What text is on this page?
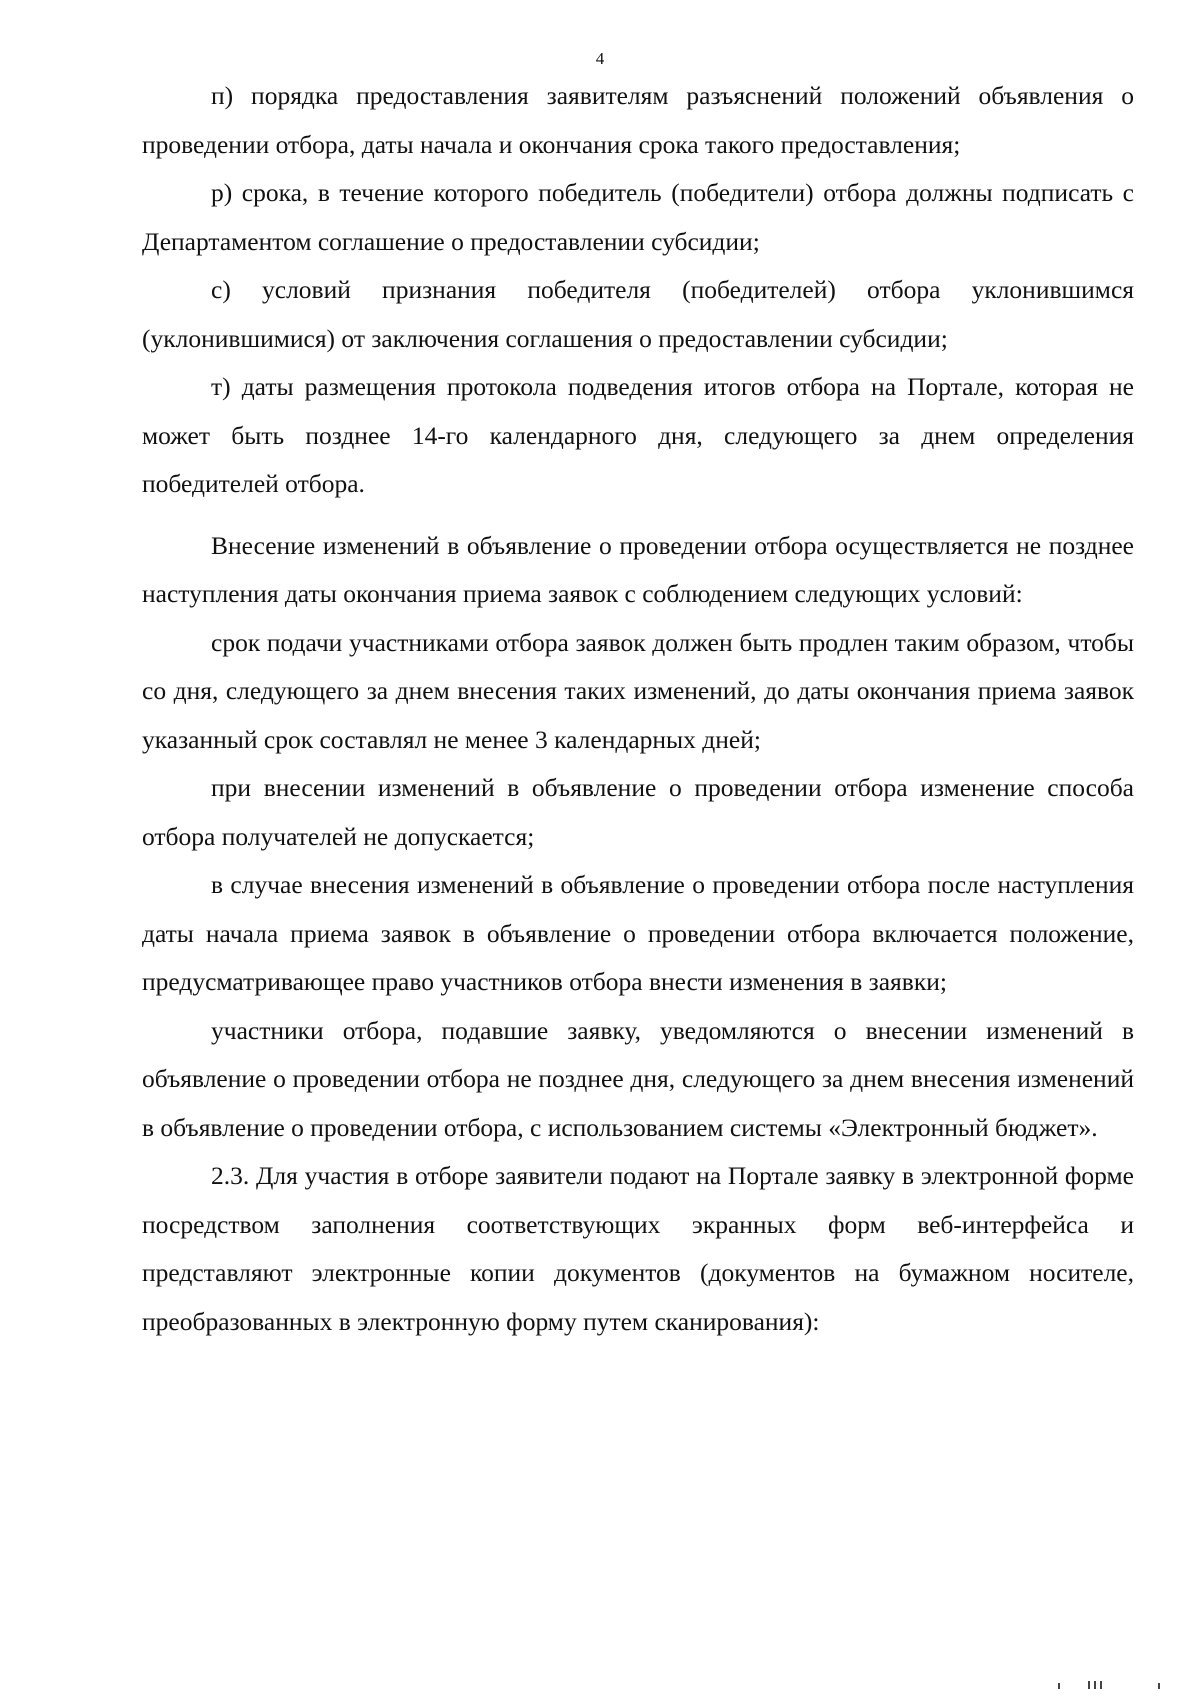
4

п) порядка предоставления заявителям разъяснений положений объявления о проведении отбора, даты начала и окончания срока такого предоставления;

р) срока, в течение которого победитель (победители) отбора должны подписать с Департаментом соглашение о предоставлении субсидии;

с) условий признания победителя (победителей) отбора уклонившимся (уклонившимися) от заключения соглашения о предоставлении субсидии;

т) даты размещения протокола подведения итогов отбора на Портале, которая не может быть позднее 14-го календарного дня, следующего за днем определения победителей отбора.

Внесение изменений в объявление о проведении отбора осуществляется не позднее наступления даты окончания приема заявок с соблюдением следующих условий:

срок подачи участниками отбора заявок должен быть продлен таким образом, чтобы со дня, следующего за днем внесения таких изменений, до даты окончания приема заявок указанный срок составлял не менее 3 календарных дней;

при внесении изменений в объявление о проведении отбора изменение способа отбора получателей не допускается;

в случае внесения изменений в объявление о проведении отбора после наступления даты начала приема заявок в объявление о проведении отбора включается положение, предусматривающее право участников отбора внести изменения в заявки;

участники отбора, подавшие заявку, уведомляются о внесении изменений в объявление о проведении отбора не позднее дня, следующего за днем внесения изменений в объявление о проведении отбора, с использованием системы «Электронный бюджет».

2.3. Для участия в отборе заявители подают на Портале заявку в электронной форме посредством заполнения соответствующих экранных форм веб-интерфейса и представляют электронные копии документов (документов на бумажном носителе, преобразованных в электронную форму путем сканирования):
